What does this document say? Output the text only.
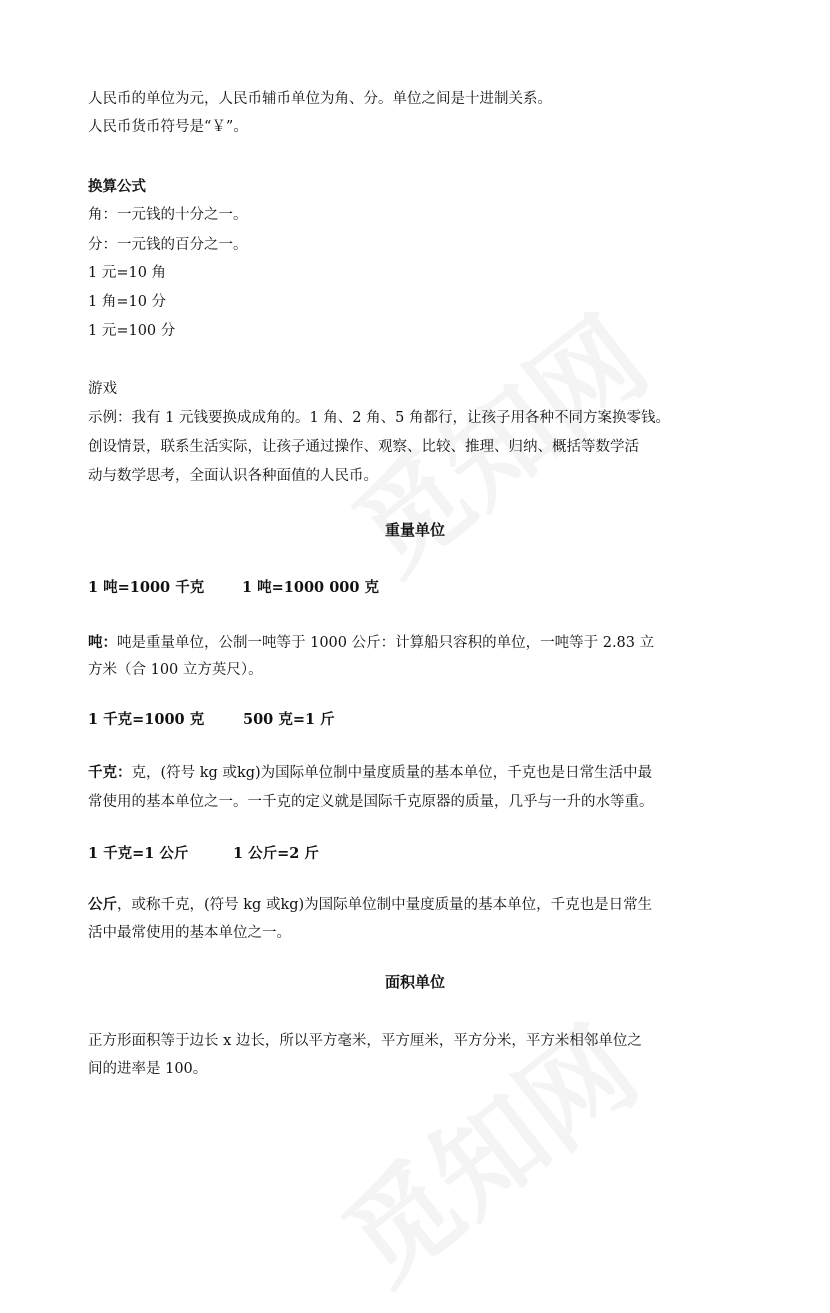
人民币的单位为元，人民币辅币单位为角、分。单位之间是十进制关系。
人民币货币符号是“￥”。
换算公式
角：一元钱的十分之一。
分：一元钱的百分之一。
1 元=10 角
1 角=10 分
1 元=100 分
游戏
示例：我有 1 元钱要换成成角的。1 角、2 角、5 角都行，让孩子用各种不同方案换零钱。
创设情景，联系生活实际，让孩子通过操作、观察、比较、推理、归纳、概括等数学活
动与数学思考，全面认识各种面值的人民币。
重量单位
1 吨=1000 千克	1 吨=1000 000 克
吨：吨是重量单位，公制一吨等于 1000 公斤：计算船只容积的单位，一吨等于 2.83 立
方米（合 100 立方英尺）。
1 千克=1000 克	500 克=1 斤
千克：克，(符号 kg 或kg)为国际单位制中量度质量的基本单位，千克也是日常生活中最
常使用的基本单位之一。一千克的定义就是国际千克原器的质量，几乎与一升的水等重。
1 千克=1 公斤	1 公斤=2 斤
公斤，或称千克，(符号 kg 或kg)为国际单位制中量度质量的基本单位，千克也是日常生
活中最常使用的基本单位之一。
面积单位
正方形面积等于边长 x 边长，所以平方毫米，平方厘米，平方分米，平方米相邻单位之
间的进率是 100。
